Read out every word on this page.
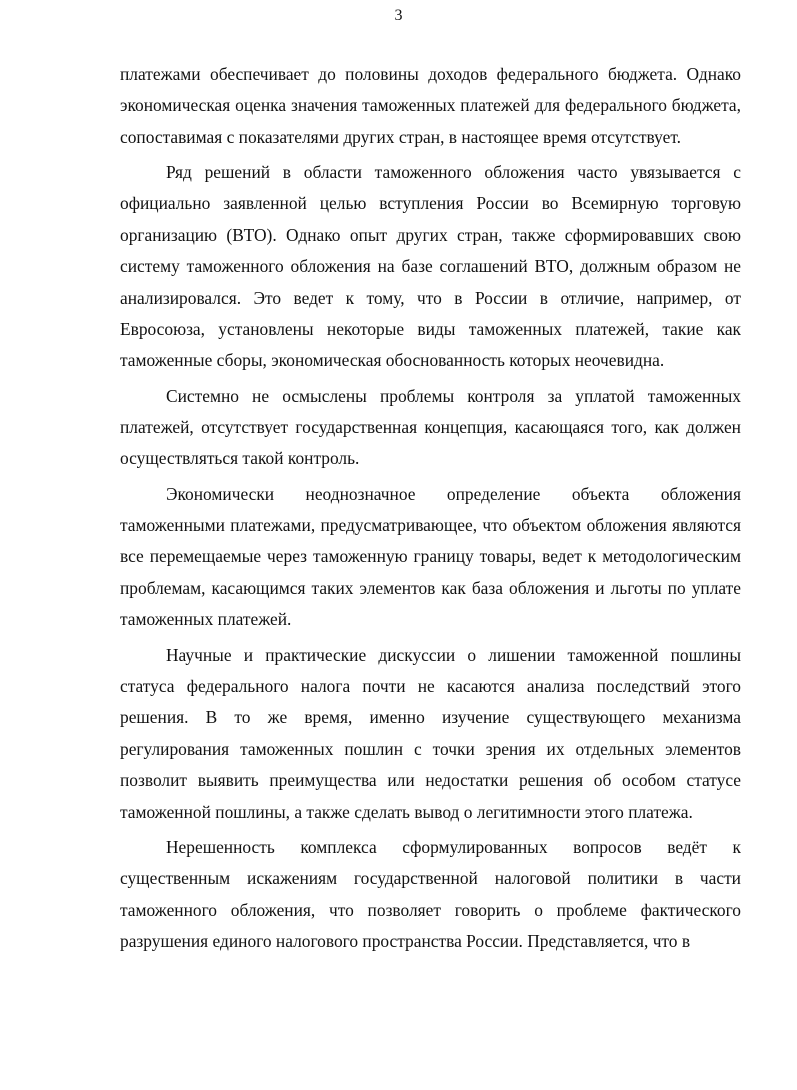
3

платежами обеспечивает до половины доходов федерального бюджета. Однако экономическая оценка значения таможенных платежей для федерального бюджета, сопоставимая с показателями других стран, в настоящее время отсутствует.

Ряд решений в области таможенного обложения часто увязывается с официально заявленной целью вступления России во Всемирную торговую организацию (ВТО). Однако опыт других стран, также сформировавших свою систему таможенного обложения на базе соглашений ВТО, должным образом не анализировался. Это ведет к тому, что в России в отличие, например, от Евросоюза, установлены некоторые виды таможенных платежей, такие как таможенные сборы, экономическая обоснованность которых неочевидна.

Системно не осмыслены проблемы контроля за уплатой таможенных платежей, отсутствует государственная концепция, касающаяся того, как должен осуществляться такой контроль.

Экономически неоднозначное определение объекта обложения таможенными платежами, предусматривающее, что объектом обложения являются все перемещаемые через таможенную границу товары, ведет к методологическим проблемам, касающимся таких элементов как база обложения и льготы по уплате таможенных платежей.

Научные и практические дискуссии о лишении таможенной пошлины статуса федерального налога почти не касаются анализа последствий этого решения. В то же время, именно изучение существующего механизма регулирования таможенных пошлин с точки зрения их отдельных элементов позволит выявить преимущества или недостатки решения об особом статусе таможенной пошлины, а также сделать вывод о легитимности этого платежа.

Нерешенность комплекса сформулированных вопросов ведёт к существенным искажениям государственной налоговой политики в части таможенного обложения, что позволяет говорить о проблеме фактического разрушения единого налогового пространства России. Представляется, что в
